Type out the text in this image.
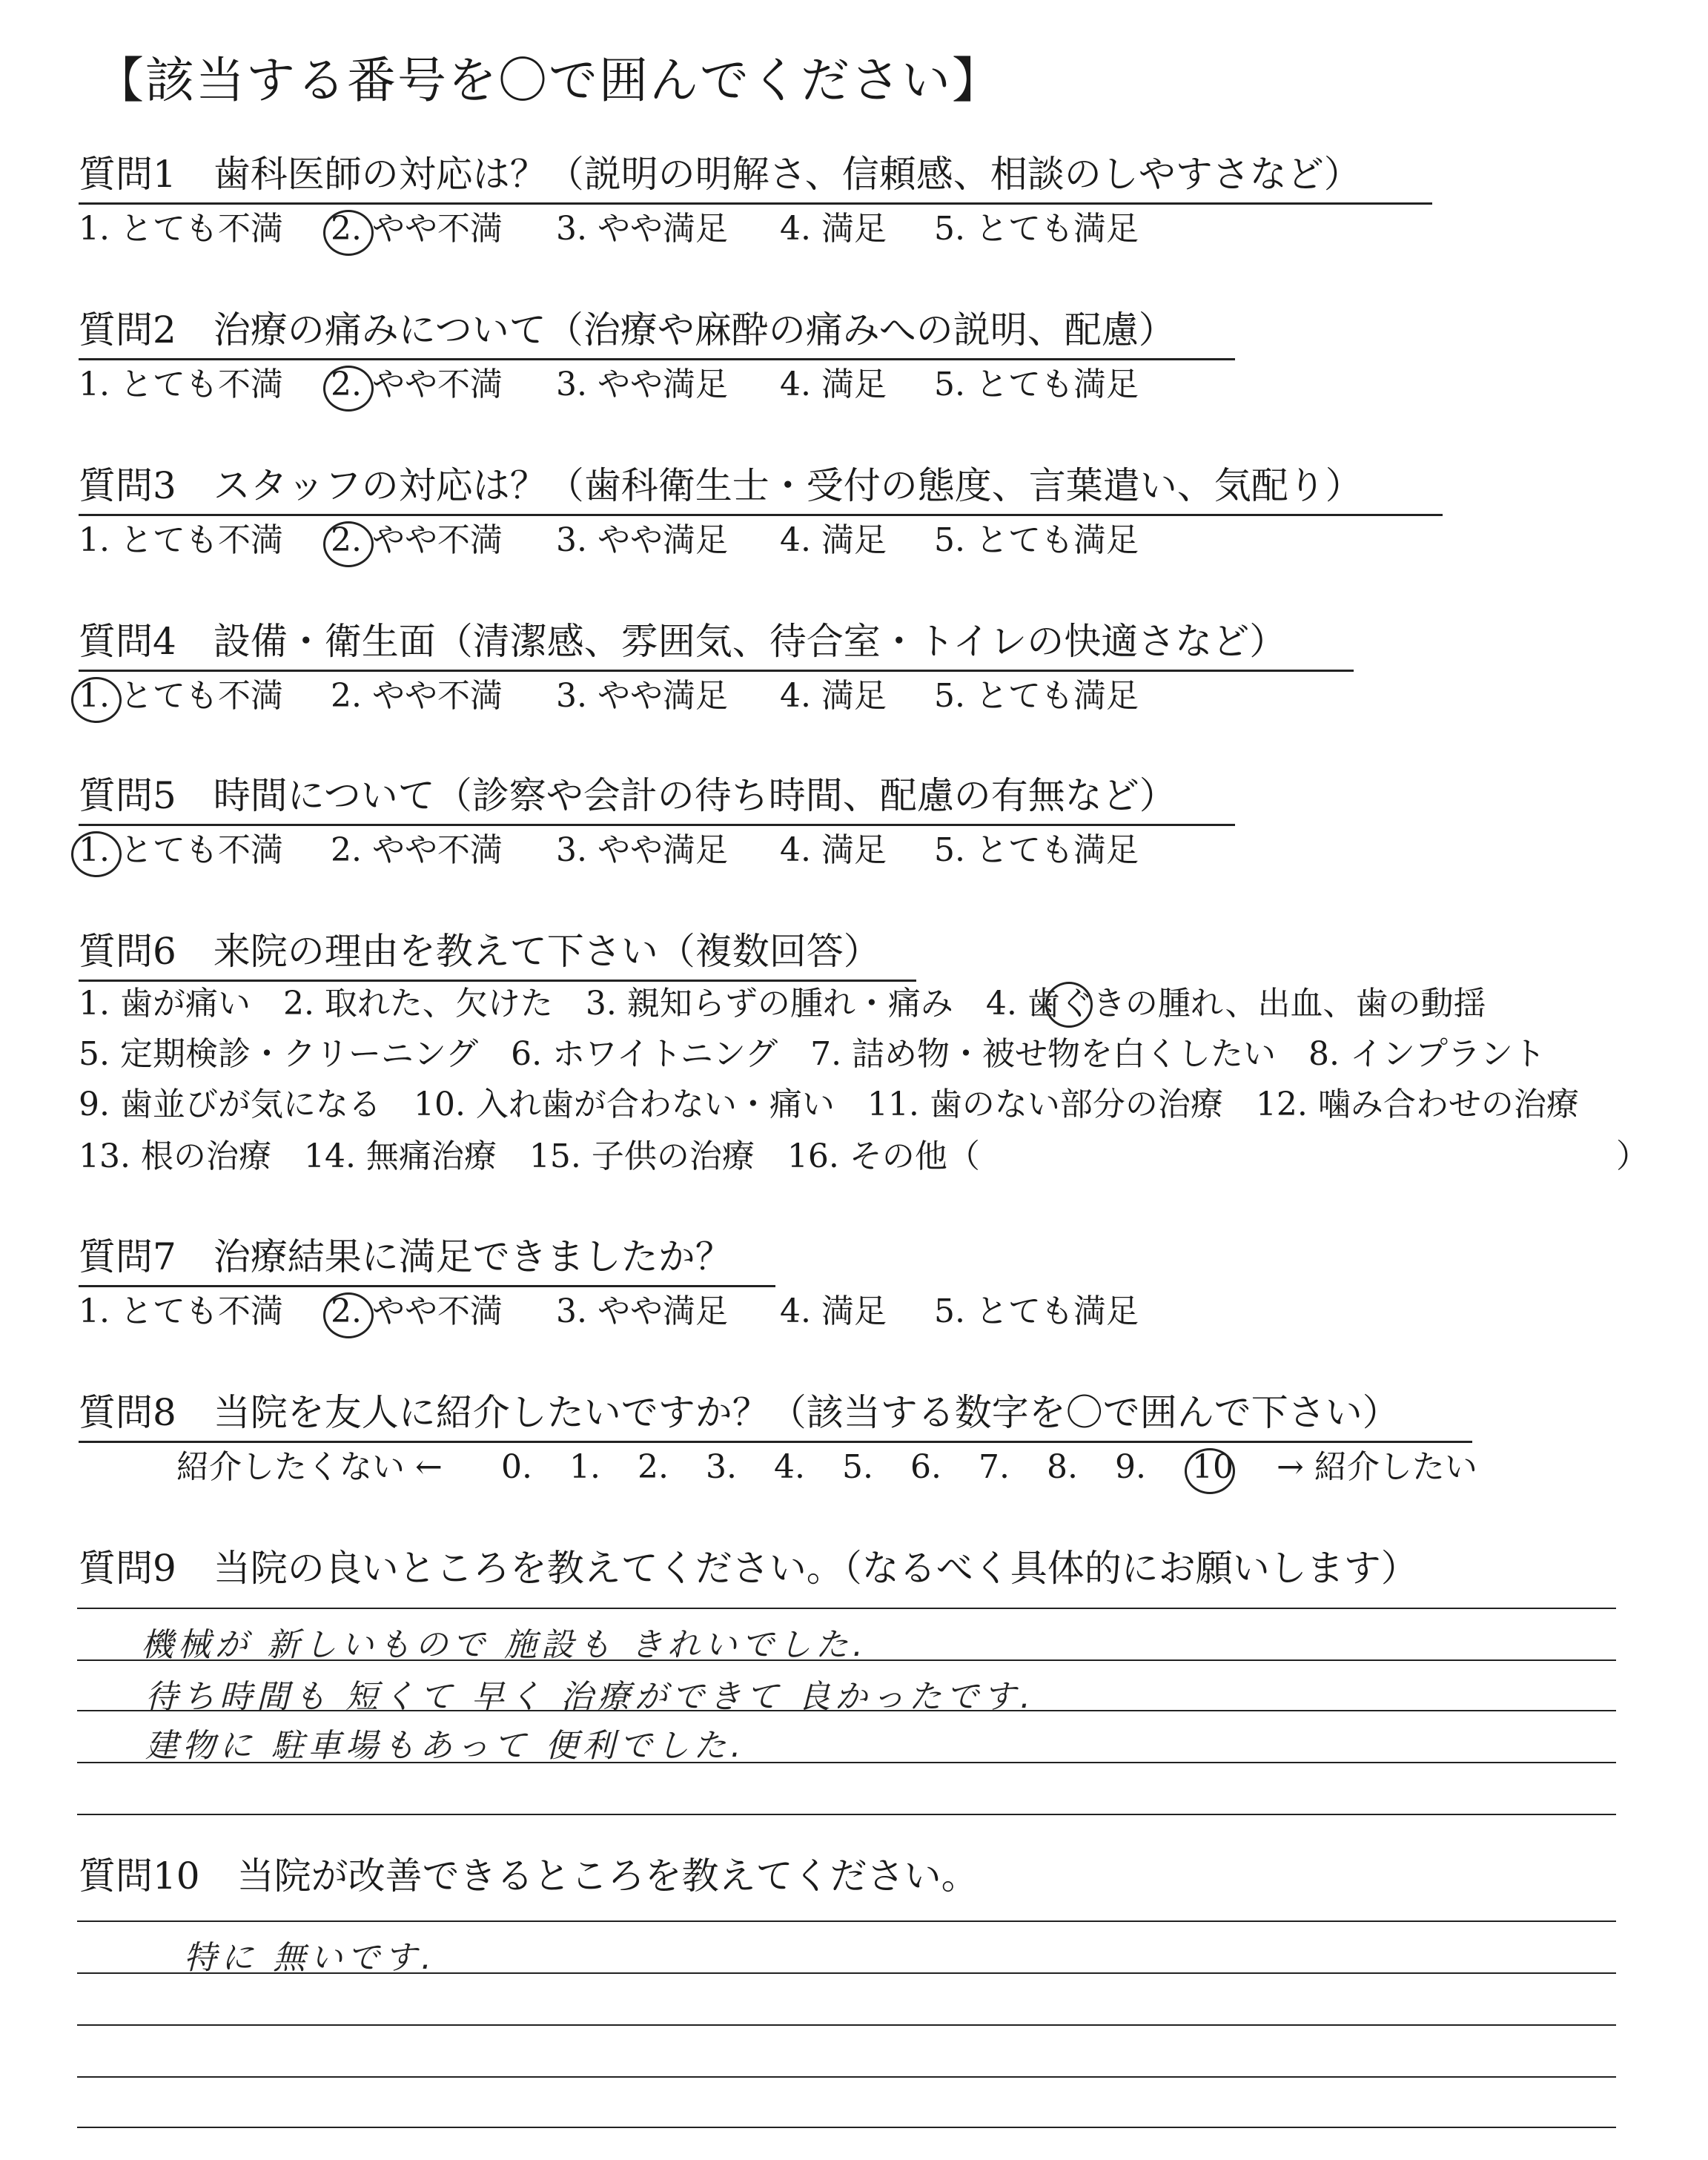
【該当する番号を〇で囲んでください】
質問1　歯科医師の対応は？（説明の明解さ、信頼感、相談のしやすさなど）
1. とても不満 2. やや不満 3. やや満足 4. 満足 5. とても満足
質問2　治療の痛みについて（治療や麻酔の痛みへの説明、配慮）
1. とても不満 2. やや不満 3. やや満足 4. 満足 5. とても満足
質問3　スタッフの対応は？（歯科衛生士・受付の態度、言葉遣い、気配り）
1. とても不満 2. やや不満 3. やや満足 4. 満足 5. とても満足
質問4　設備・衛生面（清潔感、雰囲気、待合室・トイレの快適さなど）
1. とても不満 2. やや不満 3. やや満足 4. 満足 5. とても満足
質問5　時間について（診察や会計の待ち時間、配慮の有無など）
1. とても不満 2. やや不満 3. やや満足 4. 満足 5. とても満足
質問6　来院の理由を教えて下さい（複数回答）
1. 歯が痛い　2. 取れた、欠けた　3. 親知らずの腫れ・痛み　4. 歯ぐきの腫れ、出血、歯の動揺
5. 定期検診・クリーニング　6. ホワイトニング　7. 詰め物・被せ物を白くしたい　8. インプラント
9. 歯並びが気になる　10. 入れ歯が合わない・痛い　11. 歯のない部分の治療　12. 噛み合わせの治療
13. 根の治療　14. 無痛治療　15. 子供の治療　16. その他（	）
質問7　治療結果に満足できましたか？
1. とても不満 2. やや不満 3. やや満足 4. 満足 5. とても満足
質問8　当院を友人に紹介したいですか？（該当する数字を〇で囲んで下さい）
紹介したくない ← 0. 1. 2. 3. 4. 5. 6. 7. 8. 9. 10 → 紹介したい
質問9　当院の良いところを教えてください。（なるべく具体的にお願いします）
機械が 新しいもので 施設も きれいでした.
待ち時間も 短くて 早く 治療ができて 良かったです.
建物に 駐車場もあって 便利でした.
質問10　当院が改善できるところを教えてください。
特に 無いです.
